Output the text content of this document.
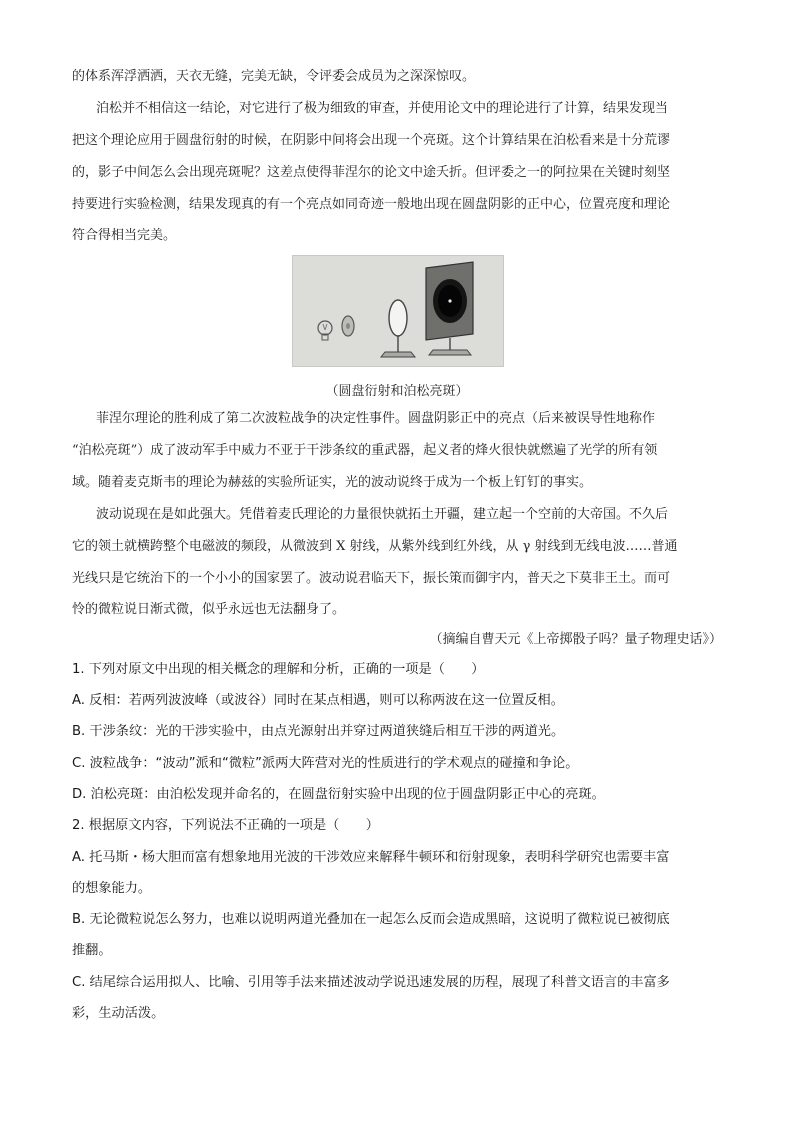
的体系浑浮洒洒，天衣无缝，完美无缺，令评委会成员为之深深惊叹。
泊松并不相信这一结论，对它进行了极为细致的审查，并使用论文中的理论进行了计算，结果发现当
把这个理论应用于圆盘衍射的时候，在阴影中间将会出现一个亮斑。这个计算结果在泊松看来是十分荒谬
的，影子中间怎么会出现亮斑呢？这差点使得菲涅尔的论文中途夭折。但评委之一的阿拉果在关键时刻坚
持要进行实验检测，结果发现真的有一个亮点如同奇迹一般地出现在圆盘阴影的正中心，位置亮度和理论
符合得相当完美。
（圆盘衍射和泊松亮斑）
菲涅尔理论的胜利成了第二次波粒战争的决定性事件。圆盘阴影正中的亮点（后来被误导性地称作
“泊松亮斑”）成了波动军手中威力不亚于干涉条纹的重武器，起义者的烽火很快就燃遍了光学的所有领
域。随着麦克斯韦的理论为赫兹的实验所证实，光的波动说终于成为一个板上钉钉的事实。
波动说现在是如此强大。凭借着麦氏理论的力量很快就拓土开疆，建立起一个空前的大帝国。不久后
它的领土就横跨整个电磁波的频段，从微波到 X 射线，从紫外线到红外线，从 γ 射线到无线电波……普通
光线只是它统治下的一个小小的国家罢了。波动说君临天下，振长策而御宇内，普天之下莫非王土。而可
怜的微粒说日渐式微，似乎永远也无法翻身了。
（摘编自曹天元《上帝掷骰子吗？量子物理史话》）
1. 下列对原文中出现的相关概念的理解和分析，正确的一项是（　　）
A. 反相：若两列波波峰（或波谷）同时在某点相遇，则可以称两波在这一位置反相。
B. 干涉条纹：光的干涉实验中，由点光源射出并穿过两道狭缝后相互干涉的两道光。
C. 波粒战争：“波动”派和“微粒”派两大阵营对光的性质进行的学术观点的碰撞和争论。
D. 泊松亮斑：由泊松发现并命名的，在圆盘衍射实验中出现的位于圆盘阴影正中心的亮斑。
2. 根据原文内容，下列说法不正确的一项是（　　）
A. 托马斯・杨大胆而富有想象地用光波的干涉效应来解释牛顿环和衍射现象，表明科学研究也需要丰富
的想象能力。
B. 无论微粒说怎么努力，也难以说明两道光叠加在一起怎么反而会造成黑暗，这说明了微粒说已被彻底
推翻。
C. 结尾综合运用拟人、比喻、引用等手法来描述波动学说迅速发展的历程，展现了科普文语言的丰富多
彩，生动活泼。
